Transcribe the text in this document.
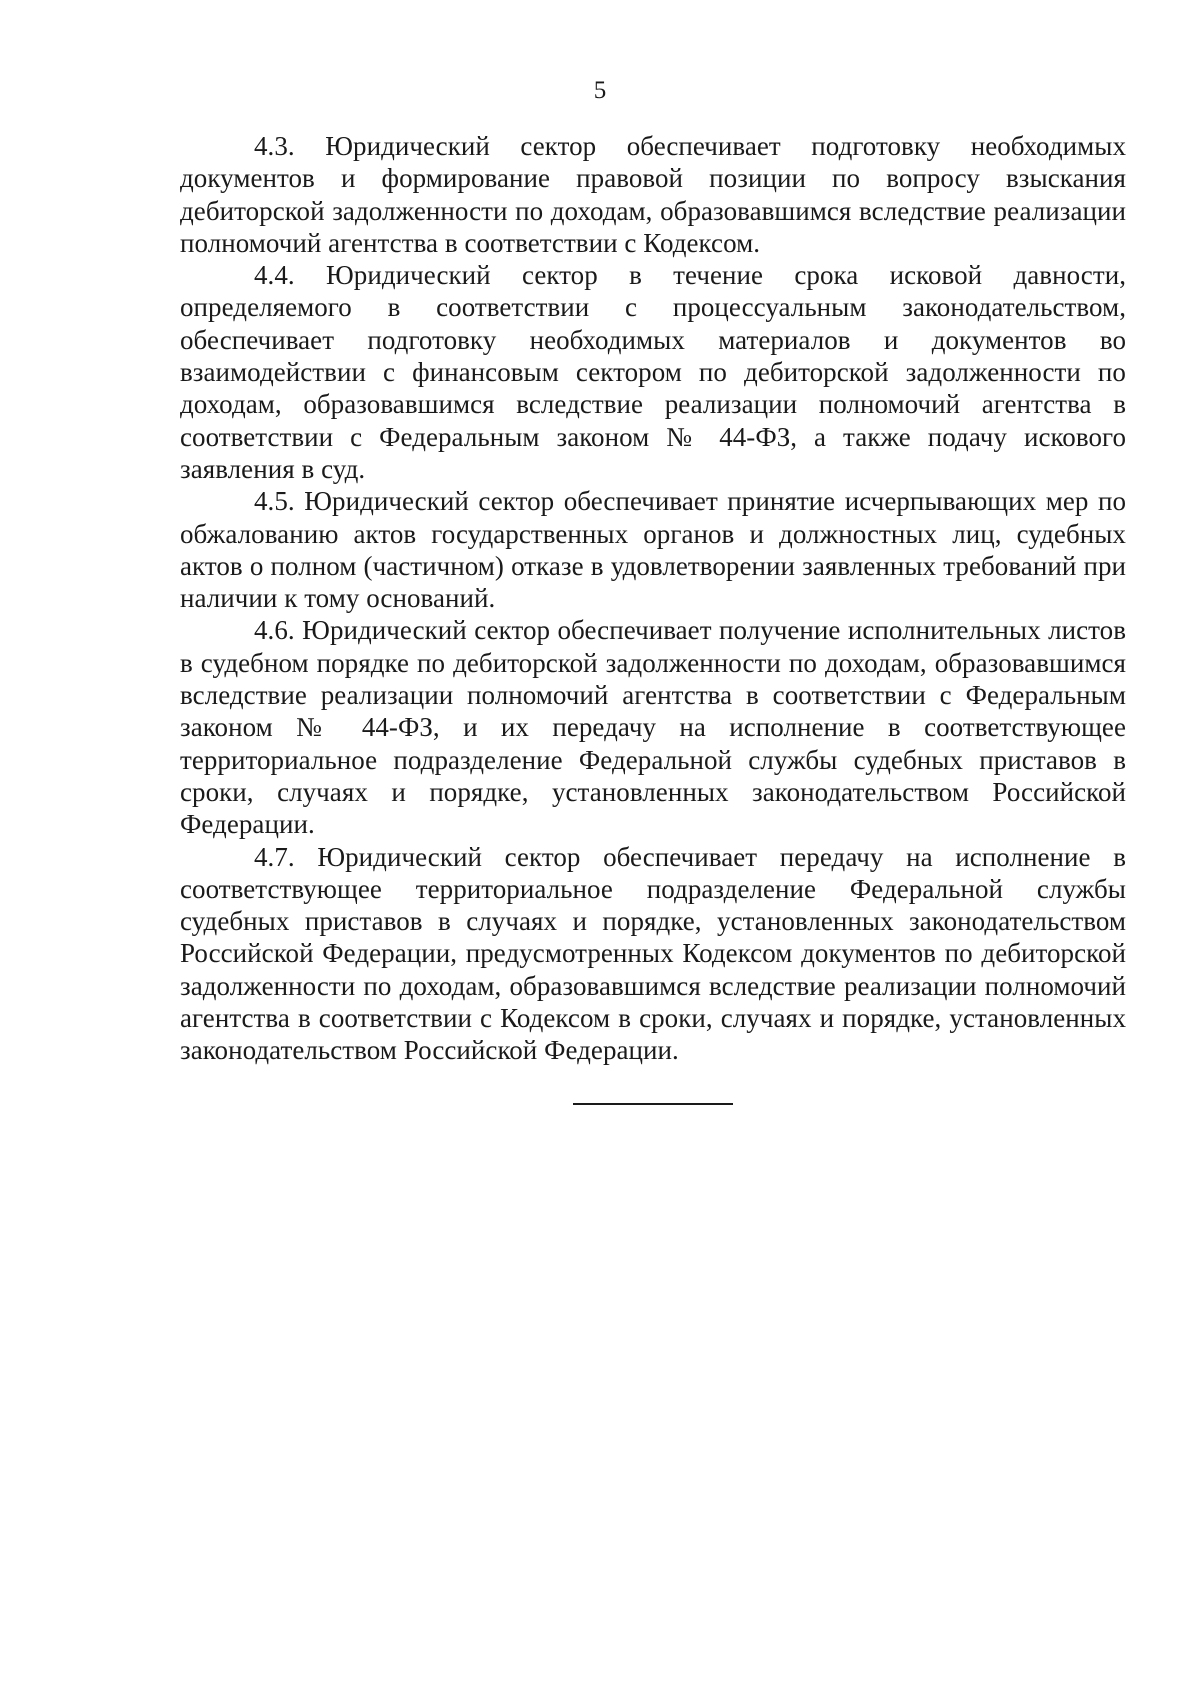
5

4.3. Юридический сектор обеспечивает подготовку необходимых документов и формирование правовой позиции по вопросу взыскания дебиторской задолженности по доходам, образовавшимся вследствие реализации полномочий агентства в соответствии с Кодексом.

4.4. Юридический сектор в течение срока исковой давности, определяемого в соответствии с процессуальным законодательством, обеспечивает подготовку необходимых материалов и документов во взаимодействии с финансовым сектором по дебиторской задолженности по доходам, образовавшимся вследствие реализации полномочий агентства в соответствии с Федеральным законом № 44-ФЗ, а также подачу искового заявления в суд.

4.5. Юридический сектор обеспечивает принятие исчерпывающих мер по обжалованию актов государственных органов и должностных лиц, судебных актов о полном (частичном) отказе в удовлетворении заявленных требований при наличии к тому оснований.

4.6. Юридический сектор обеспечивает получение исполнительных листов в судебном порядке по дебиторской задолженности по доходам, образовавшимся вследствие реализации полномочий агентства в соответствии с Федеральным законом № 44-ФЗ, и их передачу на исполнение в соответствующее территориальное подразделение Федеральной службы судебных приставов в сроки, случаях и порядке, установленных законодательством Российской Федерации.

4.7. Юридический сектор обеспечивает передачу на исполнение в соответствующее территориальное подразделение Федеральной службы судебных приставов в случаях и порядке, установленных законодательством Российской Федерации, предусмотренных Кодексом документов по дебиторской задолженности по доходам, образовавшимся вследствие реализации полномочий агентства в соответствии с Кодексом в сроки, случаях и порядке, установленных законодательством Российской Федерации.
